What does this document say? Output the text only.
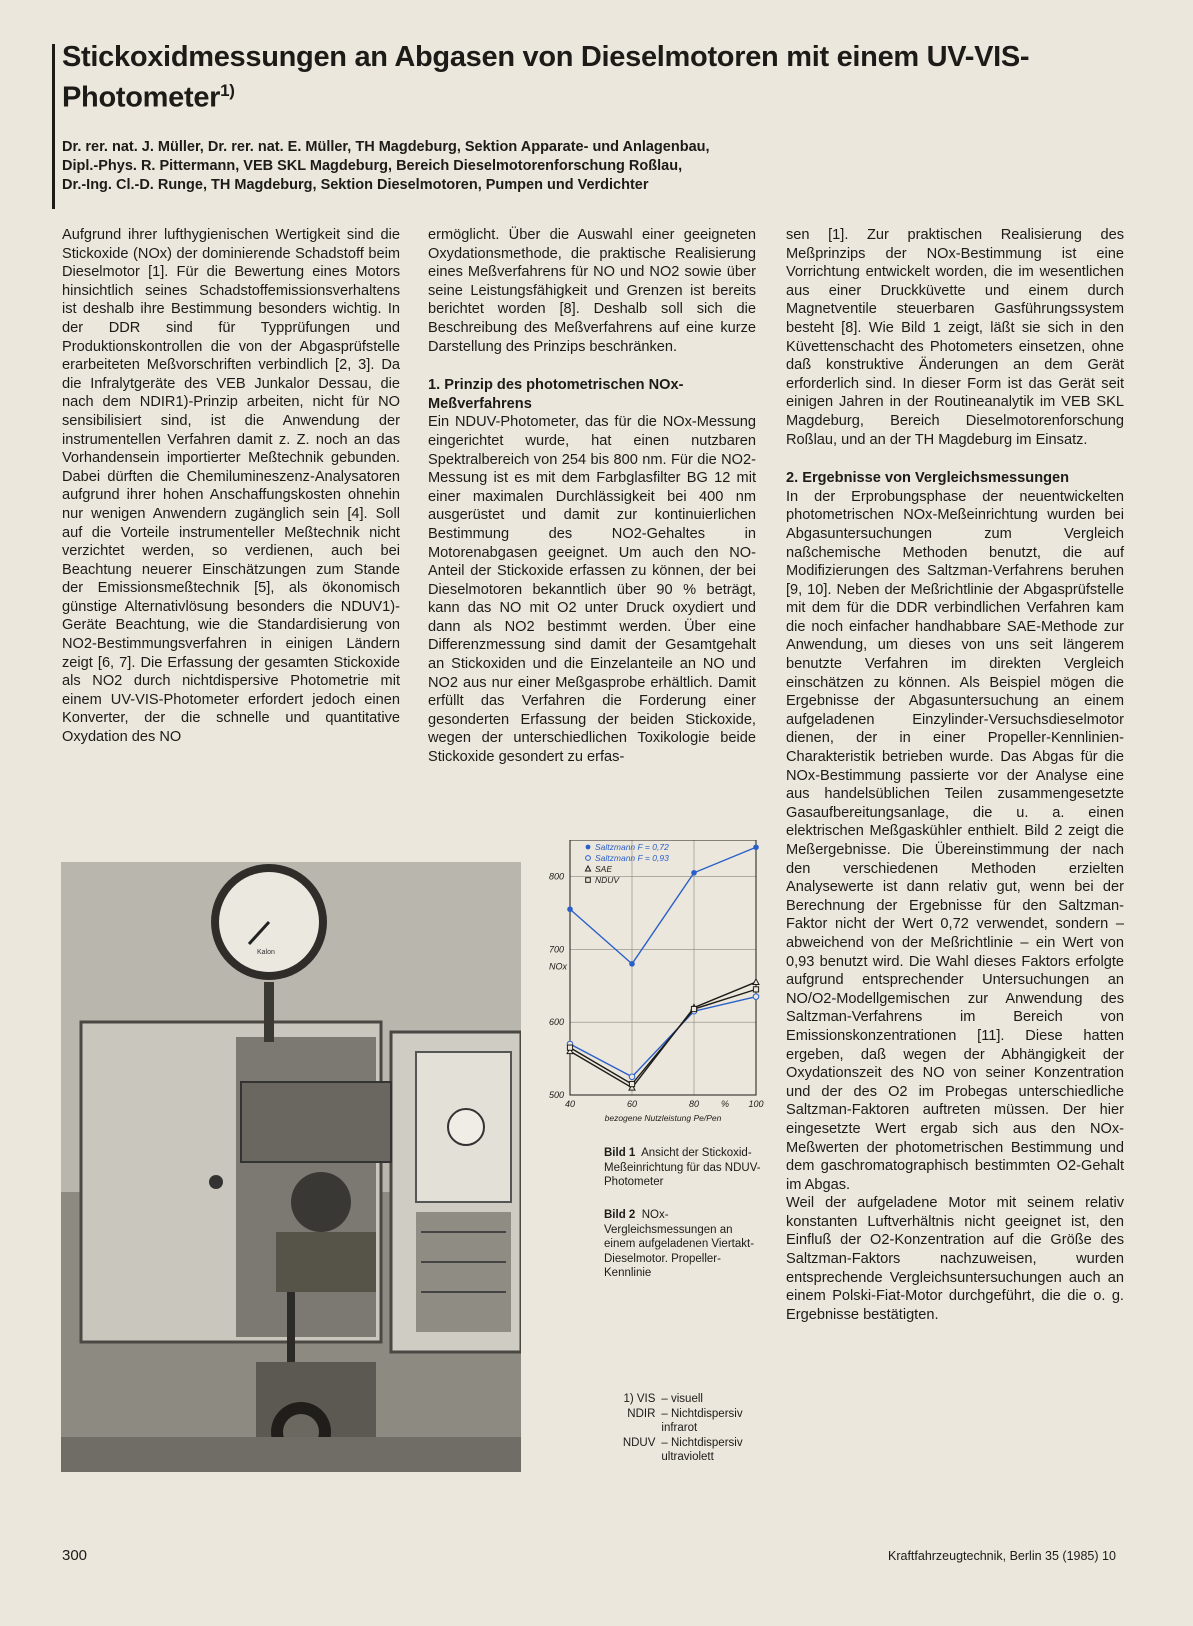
Stickoxidmessungen an Abgasen von Dieselmotoren mit einem UV-VIS-Photometer$^{1)}$
Dr. rer. nat. J. Müller, Dr. rer. nat. E. Müller, TH Magdeburg, Sektion Apparate- und Anlagenbau,
Dipl.-Phys. R. Pittermann, VEB SKL Magdeburg, Bereich Dieselmotorenforschung Roßlau,
Dr.-Ing. Cl.-D. Runge, TH Magdeburg, Sektion Dieselmotoren, Pumpen und Verdichter

Aufgrund ihrer lufthygienischen Wertigkeit sind die Stickoxide (NOx) der dominierende Schadstoff beim Dieselmotor [1]. Für die Bewertung eines Motors hinsichtlich seines Schadstoffemissionsverhaltens ist deshalb ihre Bestimmung besonders wichtig. In der DDR sind für Typprüfungen und Produktionskontrollen die von der Abgasprüfstelle erarbeiteten Meßvorschriften verbindlich [2, 3]. Da die Infralytgeräte des VEB Junkalor Dessau, die nach dem NDIR1)-Prinzip arbeiten, nicht für NO sensibilisiert sind, ist die Anwendung der instrumentellen Verfahren damit z. Z. noch an das Vorhandensein importierter Meßtechnik gebunden. Dabei dürften die Chemilumineszenz-Analysatoren aufgrund ihrer hohen Anschaffungskosten ohnehin nur wenigen Anwendern zugänglich sein [4]. Soll auf die Vorteile instrumenteller Meßtechnik nicht verzichtet werden, so verdienen, auch bei Beachtung neuerer Einschätzungen zum Stande der Emissionsmeßtechnik [5], als ökonomisch günstige Alternativlösung besonders die NDUV1)-Geräte Beachtung, wie die Standardisierung von NO2-Bestimmungsverfahren in einigen Ländern zeigt [6, 7]. Die Erfassung der gesamten Stickoxide als NO2 durch nichtdispersive Photometrie mit einem UV-VIS-Photometer erfordert jedoch einen Konverter, der die schnelle und quantitative Oxydation des NO

ermöglicht. Über die Auswahl einer geeigneten Oxydationsmethode, die praktische Realisierung eines Meßverfahrens für NO und NO2 sowie über seine Leistungsfähigkeit und Grenzen ist bereits berichtet worden [8]. Deshalb soll sich die Beschreibung des Meßverfahrens auf eine kurze Darstellung des Prinzips beschränken.

1. Prinzip des photometrischen NOx-Meßverfahrens

Ein NDUV-Photometer, das für die NOx-Messung eingerichtet wurde, hat einen nutzbaren Spektralbereich von 254 bis 800 nm. Für die NO2-Messung ist es mit dem Farbglasfilter BG 12 mit einer maximalen Durchlässigkeit bei 400 nm ausgerüstet und damit zur kontinuierlichen Bestimmung des NO2-Gehaltes in Motorenabgasen geeignet. Um auch den NO-Anteil der Stickoxide erfassen zu können, der bei Dieselmotoren bekanntlich über 90 % beträgt, kann das NO mit O2 unter Druck oxydiert und dann als NO2 bestimmt werden. Über eine Differenzmessung sind damit der Gesamtgehalt an Stickoxiden und die Einzelanteile an NO und NO2 aus nur einer Meßgasprobe erhältlich. Damit erfüllt das Verfahren die Forderung einer gesonderten Erfassung der beiden Stickoxide, wegen der unterschiedlichen Toxikologie beide Stickoxide gesondert zu erfas-

sen [1]. Zur praktischen Realisierung des Meßprinzips der NOx-Bestimmung ist eine Vorrichtung entwickelt worden, die im wesentlichen aus einer Druckküvette und einem durch Magnetventile steuerbaren Gasführungssystem besteht [8]. Wie Bild 1 zeigt, läßt sie sich in den Küvettenschacht des Photometers einsetzen, ohne daß konstruktive Änderungen an dem Gerät erforderlich sind. In dieser Form ist das Gerät seit einigen Jahren in der Routineanalytik im VEB SKL Magdeburg, Bereich Dieselmotorenforschung Roßlau, und an der TH Magdeburg im Einsatz.

2. Ergebnisse von Vergleichsmessungen

In der Erprobungsphase der neuentwickelten photometrischen NOx-Meßeinrichtung wurden bei Abgasuntersuchungen zum Vergleich naßchemische Methoden benutzt, die auf Modifizierungen des Saltzman-Verfahrens beruhen [9, 10]. Neben der Meßrichtlinie der Abgasprüfstelle mit dem für die DDR verbindlichen Verfahren kam die noch einfacher handhabbare SAE-Methode zur Anwendung, um dieses von uns seit längerem benutzte Verfahren im direkten Vergleich einschätzen zu können. Als Beispiel mögen die Ergebnisse der Abgasuntersuchung an einem aufgeladenen Einzylinder-Versuchsdieselmotor dienen, der in einer Propeller-Kennlinien-Charakteristik betrieben wurde. Das Abgas für die NOx-Bestimmung passierte vor der Analyse eine aus handelsüblichen Teilen zusammengesetzte Gasaufbereitungsanlage, die u. a. einen elektrischen Meßgaskühler enthielt. Bild 2 zeigt die Meßergebnisse. Die Übereinstimmung der nach den verschiedenen Methoden erzielten Analysewerte ist dann relativ gut, wenn bei der Berechnung der Ergebnisse für den Saltzman-Faktor nicht der Wert 0,72 verwendet, sondern – abweichend von der Meßrichtlinie – ein Wert von 0,93 benutzt wird. Die Wahl dieses Faktors erfolgte aufgrund entsprechender Untersuchungen an NO/O2-Modellgemischen zur Anwendung des Saltzman-Verfahrens im Bereich von Emissionskonzentrationen [11]. Diese hatten ergeben, daß wegen der Abhängigkeit der Oxydationszeit des NO von seiner Konzentration und der des O2 im Probegas unterschiedliche Saltzman-Faktoren auftreten müssen. Der hier eingesetzte Wert ergab sich aus den NOx-Meßwerten der photometrischen Bestimmung und dem gaschromatographisch bestimmten O2-Gehalt im Abgas.

Weil der aufgeladene Motor mit seinem relativ konstanten Luftverhältnis nicht geeignet ist, den Einfluß der O2-Konzentration auf die Größe des Saltzman-Faktors nachzuweisen, wurden entsprechende Vergleichsuntersuchungen auch an einem Polski-Fiat-Motor durchgeführt, die die o. g. Ergebnisse bestätigten.

Kalon
500
600
700
800
40	60	80	100
%
NOx
bezogene Nutzleistung Pe/Pen
Saltzmann F = 0,72
Saltzmann F = 0,93
SAE
NDUV
Bild 1 Ansicht der Stickoxid-Meßeinrichtung für das NDUV-Photometer
Bild 2 NOx-Vergleichsmessungen an einem aufgeladenen Viertakt-Dieselmotor. Propeller-Kennlinie
1) VIS – visuell
NDIR – Nichtdispersiv infrarot
NDUV – Nichtdispersiv ultraviolett
300	Kraftfahrzeugtechnik, Berlin 35 (1985) 10
